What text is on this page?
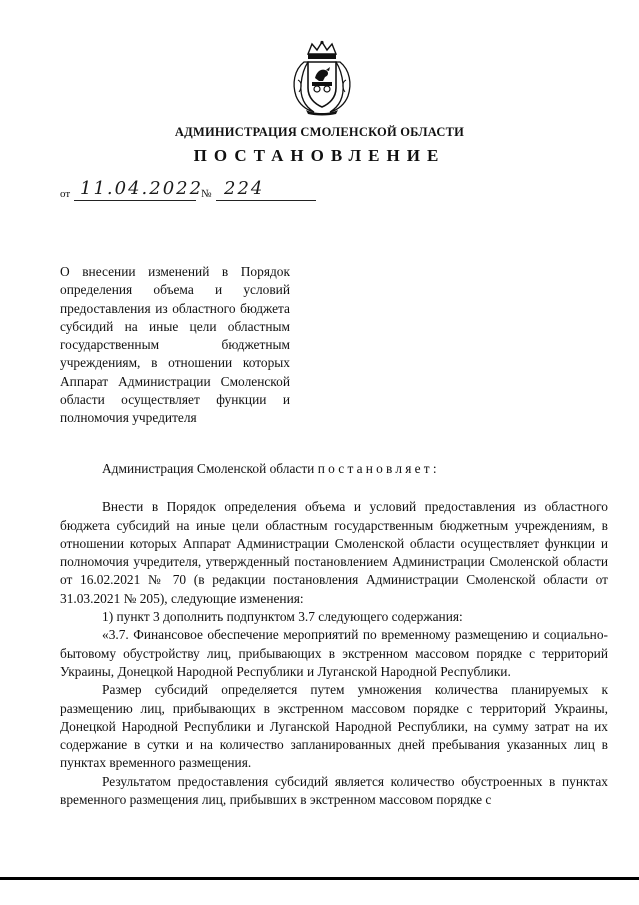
АДМИНИСТРАЦИЯ СМОЛЕНСКОЙ ОБЛАСТИ
ПОСТАНОВЛЕНИЕ
от 11.04.2022
№ 224
О внесении изменений в Порядок определения объема и условий предоставления из областного бюджета субсидий на иные цели областным государственным бюджетным учреждениям, в отношении которых Аппарат Администрации Смоленской области осуществляет функции и полномочия учредителя

Администрация Смоленской области постановляет:

Внести в Порядок определения объема и условий предоставления из областного бюджета субсидий на иные цели областным государственным бюджетным учреждениям, в отношении которых Аппарат Администрации Смоленской области осуществляет функции и полномочия учредителя, утвержденный постановлением Администрации Смоленской области от 16.02.2021 № 70 (в редакции постановления Администрации Смоленской области от 31.03.2021 № 205), следующие изменения:

1) пункт 3 дополнить подпунктом 3.7 следующего содержания:

«3.7. Финансовое обеспечение мероприятий по временному размещению и социально-бытовому обустройству лиц, прибывающих в экстренном массовом порядке с территорий Украины, Донецкой Народной Республики и Луганской Народной Республики.

Размер субсидий определяется путем умножения количества планируемых к размещению лиц, прибывающих в экстренном массовом порядке с территорий Украины, Донецкой Народной Республики и Луганской Народной Республики, на сумму затрат на их содержание в сутки и на количество запланированных дней пребывания указанных лиц в пунктах временного размещения.

Результатом предоставления субсидий является количество обустроенных в пунктах временного размещения лиц, прибывших в экстренном массовом порядке с
